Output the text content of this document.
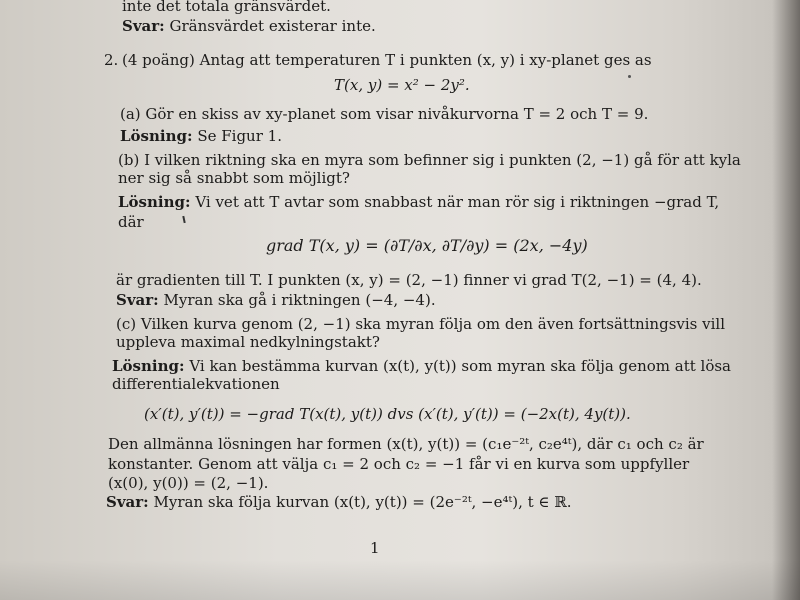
inte det totala gränsvärdet.
Svar: Gränsvärdet existerar inte.
2. (4 poäng) Antag att temperaturen T i punkten (x, y) i xy-planet ges as
T(x, y) = x² − 2y².
(a) Gör en skiss av xy-planet som visar nivåkurvorna T = 2 och T = 9.
Lösning: Se Figur 1.
(b) I vilken riktning ska en myra som befinner sig i punkten (2, −1) gå för att kyla
ner sig så snabbt som möjligt?
Lösning: Vi vet att T avtar som snabbast när man rör sig i riktningen −grad T,
där
grad T(x, y) = (∂T/∂x, ∂T/∂y) = (2x, −4y)
är gradienten till T. I punkten (x, y) = (2, −1) finner vi grad T(2, −1) = (4, 4).
Svar: Myran ska gå i riktningen (−4, −4).
(c) Vilken kurva genom (2, −1) ska myran följa om den även fortsättningsvis vill
uppleva maximal nedkylningstakt?
Lösning: Vi kan bestämma kurvan (x(t), y(t)) som myran ska följa genom att lösa
differentialekvationen
(x′(t), y′(t)) = −grad T(x(t), y(t)) dvs (x′(t), y′(t)) = (−2x(t), 4y(t)).
Den allmänna lösningen har formen (x(t), y(t)) = (c₁e⁻²ᵗ, c₂e⁴ᵗ), där c₁ och c₂ är
konstanter. Genom att välja c₁ = 2 och c₂ = −1 får vi en kurva som uppfyller
(x(0), y(0)) = (2, −1).
Svar: Myran ska följa kurvan (x(t), y(t)) = (2e⁻²ᵗ, −e⁴ᵗ), t ∈ ℝ.
1
